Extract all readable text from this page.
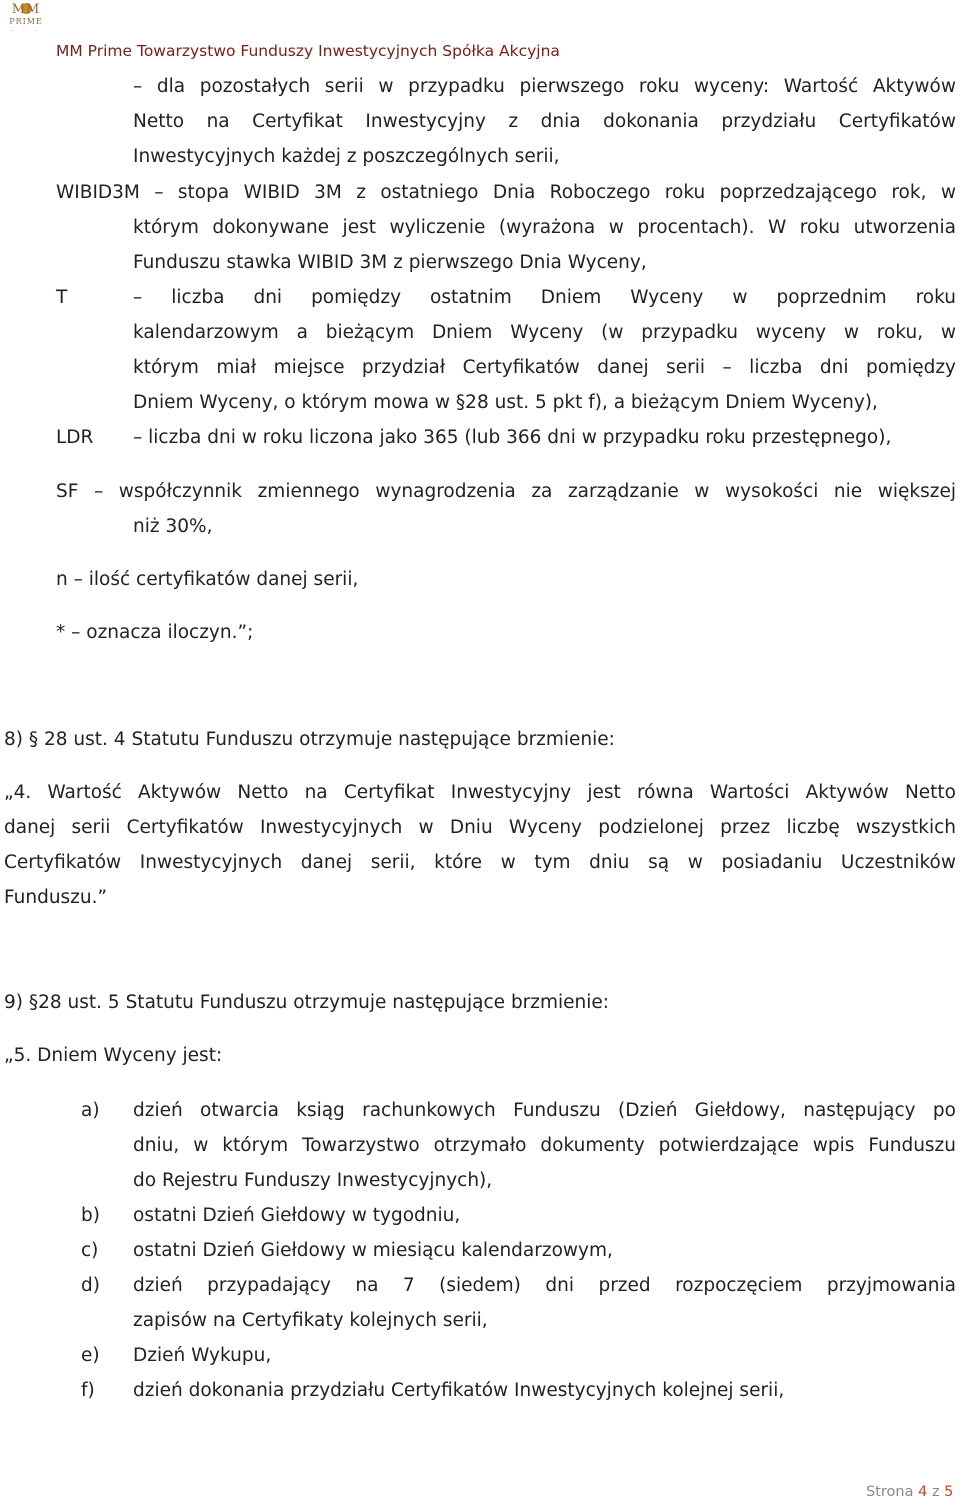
MM
PRIME
· · ·
MM Prime Towarzystwo Funduszy Inwestycyjnych Spółka Akcyjna
– dla pozostałych serii w przypadku pierwszego roku wyceny: Wartość Aktywów
Netto na Certyfikat Inwestycyjny z dnia dokonania przydziału Certyfikatów
Inwestycyjnych każdej z poszczególnych serii,
WIBID3M – stopa WIBID 3M z ostatniego Dnia Roboczego roku poprzedzającego rok, w
którym dokonywane jest wyliczenie (wyrażona w procentach). W roku utworzenia
Funduszu stawka WIBID 3M z pierwszego Dnia Wyceny,
T	– liczba dni pomiędzy ostatnim Dniem Wyceny w poprzednim roku
kalendarzowym a bieżącym Dniem Wyceny (w przypadku wyceny w roku, w
którym miał miejsce przydział Certyfikatów danej serii – liczba dni pomiędzy
Dniem Wyceny, o którym mowa w §28 ust. 5 pkt f), a bieżącym Dniem Wyceny),
LDR – liczba dni w roku liczona jako 365 (lub 366 dni w przypadku roku przestępnego),
SF – współczynnik zmiennego wynagrodzenia za zarządzanie w wysokości nie większej
niż 30%,
n – ilość certyfikatów danej serii,
* – oznacza iloczyn.”;
8) § 28 ust. 4 Statutu Funduszu otrzymuje następujące brzmienie:
„4. Wartość Aktywów Netto na Certyfikat Inwestycyjny jest równa Wartości Aktywów Netto
danej serii Certyfikatów Inwestycyjnych w Dniu Wyceny podzielonej przez liczbę wszystkich
Certyfikatów Inwestycyjnych danej serii, które w tym dniu są w posiadaniu Uczestników
Funduszu.”
9) §28 ust. 5 Statutu Funduszu otrzymuje następujące brzmienie:
„5. Dniem Wyceny jest:
a) dzień otwarcia ksiąg rachunkowych Funduszu (Dzień Giełdowy, następujący po
dniu, w którym Towarzystwo otrzymało dokumenty potwierdzające wpis Funduszu
do Rejestru Funduszy Inwestycyjnych),
b) ostatni Dzień Giełdowy w tygodniu,
c) ostatni Dzień Giełdowy w miesiącu kalendarzowym,
d) dzień przypadający na 7 (siedem) dni przed rozpoczęciem przyjmowania
zapisów na Certyfikaty kolejnych serii,
e) Dzień Wykupu,
f) dzień dokonania przydziału Certyfikatów Inwestycyjnych kolejnej serii,
Strona 4 z 5
